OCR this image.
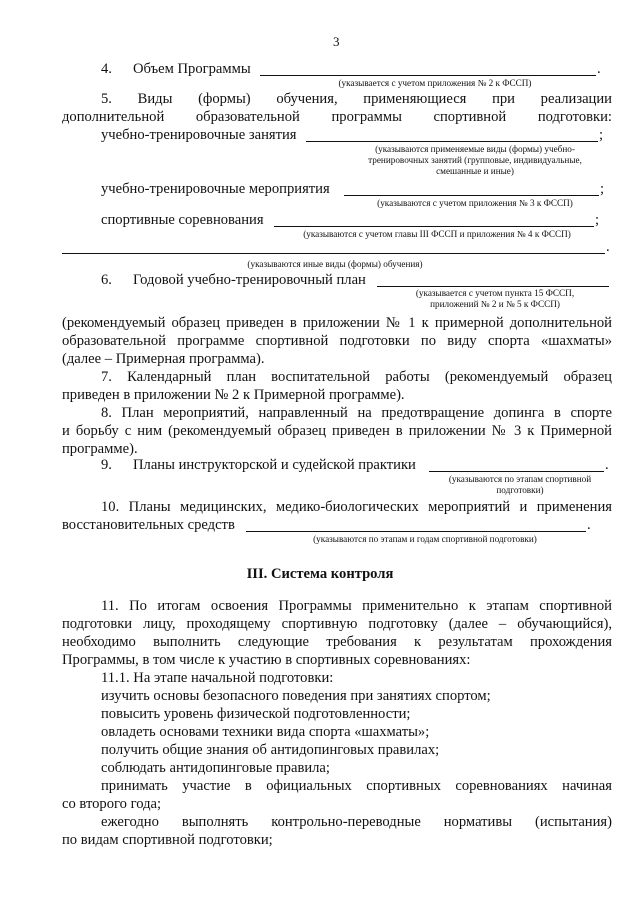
3
4. Объем Программы	.
(указывается с учетом приложения № 2 к ФССП)
5. Виды (формы) обучения, применяющиеся при реализации
дополнительной образовательной программы спортивной подготовки:
учебно-тренировочные занятия	;
(указываются применяемые виды (формы) учебно-
тренировочных занятий (групповые, индивидуальные,
смешанные и иные)
учебно-тренировочные мероприятия	;
(указываются с учетом приложения № 3 к ФССП)
спортивные соревнования	;
(указываются с учетом главы III ФССП и приложения № 4 к ФССП)
.
(указываются иные виды (формы) обучения)
6. Годовой учебно-тренировочный план
(указывается с учетом пункта 15 ФССП,
приложений № 2 и № 5 к ФССП)
(рекомендуемый образец приведен в приложении № 1 к примерной дополнительной
образовательной программе спортивной подготовки по виду спорта «шахматы»
(далее – Примерная программа).
7. Календарный план воспитательной работы (рекомендуемый образец
приведен в приложении № 2 к Примерной программе).
8. План мероприятий, направленный на предотвращение допинга в спорте
и борьбу с ним (рекомендуемый образец приведен в приложении № 3 к Примерной
программе).
9. Планы инструкторской и судейской практики	.
(указываются по этапам спортивной
подготовки)
10. Планы медицинских, медико-биологических мероприятий и применения
восстановительных средств	.
(указываются по этапам и годам спортивной подготовки)
III. Система контроля
11. По итогам освоения Программы применительно к этапам спортивной
подготовки лицу, проходящему спортивную подготовку (далее – обучающийся),
необходимо выполнить следующие требования к результатам прохождения
Программы, в том числе к участию в спортивных соревнованиях:
11.1. На этапе начальной подготовки:
изучить основы безопасного поведения при занятиях спортом;
повысить уровень физической подготовленности;
овладеть основами техники вида спорта «шахматы»;
получить общие знания об антидопинговых правилах;
соблюдать антидопинговые правила;
принимать участие в официальных спортивных соревнованиях начиная
со второго года;
ежегодно выполнять контрольно-переводные нормативы (испытания)
по видам спортивной подготовки;
